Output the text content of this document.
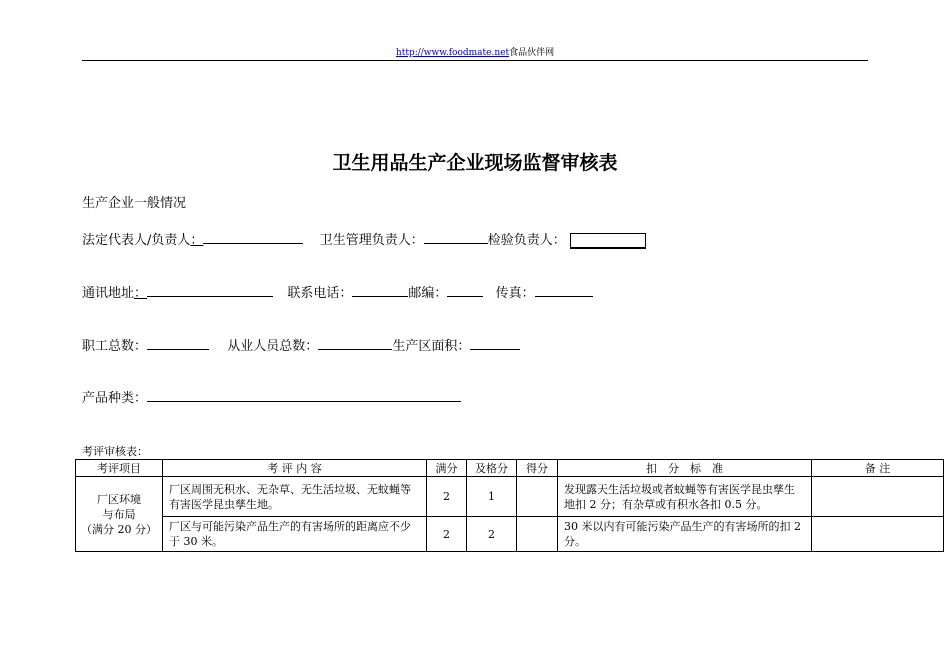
http://www.foodmate.net食品伙伴网
卫生用品生产企业现场监督审核表
生产企业一般情况
法定代表人/负责人：	卫生管理负责人：	检验负责人：
通讯地址：	联系电话：	邮编：	传真：
职工总数：	从业人员总数：	生产区面积：
产品种类：
考评审核表：
考评项目	考 评 内 容	满分	及格分	得分	扣　分　标　准	备 注

厂区环境
与布局
（满分 20 分）	厂区周围无积水、无杂草、无生活垃圾、无蚊蝇等有害医学昆虫孳生地。	2	1		发现露天生活垃圾或者蚊蝇等有害医学昆虫孳生地扣 2 分；有杂草或有积水各扣 0.5 分。	
	厂区与可能污染产品生产的有害场所的距离应不少于 30 米。	2	2		30 米以内有可能污染产品生产的有害场所的扣 2 分。	
